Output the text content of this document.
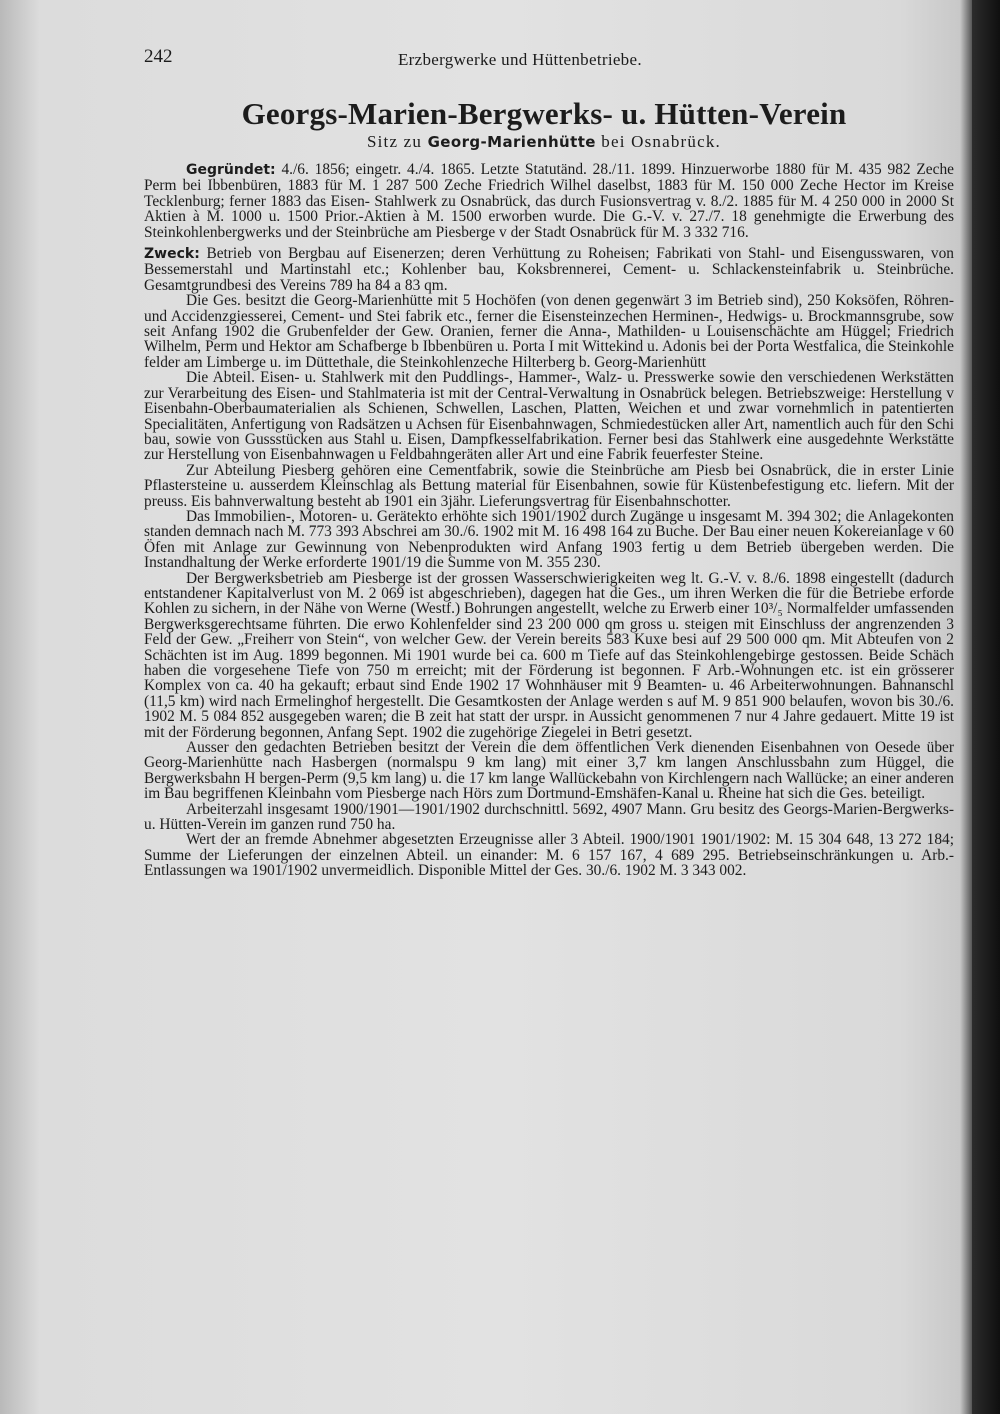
242	Erzbergwerke und Hüttenbetriebe.
Georgs-Marien-Bergwerks- u. Hütten-Verein
Sitz zu Georg-Marienhütte bei Osnabrück.

Gegründet: 4./6. 1856; eingetr. 4./4. 1865. Letzte Statutänd. 28./11. 1899. Hinzuerworbe 1880 für M. 435 982 Zeche Perm bei Ibbenbüren, 1883 für M. 1 287 500 Zeche Friedrich Wilhel daselbst, 1883 für M. 150 000 Zeche Hector im Kreise Tecklenburg; ferner 1883 das Eisen- Stahlwerk zu Osnabrück, das durch Fusionsvertrag v. 8./2. 1885 für M. 4 250 000 in 2000 St Aktien à M. 1000 u. 1500 Prior.-Aktien à M. 1500 erworben wurde. Die G.-V. v. 27./7. 18 genehmigte die Erwerbung des Steinkohlenbergwerks und der Steinbrüche am Piesberge v der Stadt Osnabrück für M. 3 332 716.

Zweck: Betrieb von Bergbau auf Eisenerzen; deren Verhüttung zu Roheisen; Fabrikati von Stahl- und Eisengusswaren, von Bessemerstahl und Martinstahl etc.; Kohlenber bau, Koksbrennerei, Cement- u. Schlackensteinfabrik u. Steinbrüche. Gesamtgrundbesi des Vereins 789 ha 84 a 83 qm.

Die Ges. besitzt die Georg-Marienhütte mit 5 Hochöfen (von denen gegenwärt 3 im Betrieb sind), 250 Koksöfen, Röhren- und Accidenzgiesserei, Cement- und Stei fabrik etc., ferner die Eisensteinzechen Herminen-, Hedwigs- u. Brockmannsgrube, sow seit Anfang 1902 die Grubenfelder der Gew. Oranien, ferner die Anna-, Mathilden- u Louisenschächte am Hüggel; Friedrich Wilhelm, Perm und Hektor am Schafberge b Ibbenbüren u. Porta I mit Wittekind u. Adonis bei der Porta Westfalica, die Steinkohle felder am Limberge u. im Düttethale, die Steinkohlenzeche Hilterberg b. Georg-Marienhütt

Die Abteil. Eisen- u. Stahlwerk mit den Puddlings-, Hammer-, Walz- u. Presswerke sowie den verschiedenen Werkstätten zur Verarbeitung des Eisen- und Stahlmateria ist mit der Central-Verwaltung in Osnabrück belegen. Betriebszweige: Herstellung v Eisenbahn-Oberbaumaterialien als Schienen, Schwellen, Laschen, Platten, Weichen et und zwar vornehmlich in patentierten Specialitäten, Anfertigung von Radsätzen u Achsen für Eisenbahnwagen, Schmiedestücken aller Art, namentlich auch für den Schi bau, sowie von Gussstücken aus Stahl u. Eisen, Dampfkesselfabrikation. Ferner besi das Stahlwerk eine ausgedehnte Werkstätte zur Herstellung von Eisenbahnwagen u Feldbahngeräten aller Art und eine Fabrik feuerfester Steine.

Zur Abteilung Piesberg gehören eine Cementfabrik, sowie die Steinbrüche am Piesb bei Osnabrück, die in erster Linie Pflastersteine u. ausserdem Kleinschlag als Bettung material für Eisenbahnen, sowie für Küstenbefestigung etc. liefern. Mit der preuss. Eis bahnverwaltung besteht ab 1901 ein 3jähr. Lieferungsvertrag für Eisenbahnschotter.

Das Immobilien-, Motoren- u. Gerätekto erhöhte sich 1901/1902 durch Zugänge u insgesamt M. 394 302; die Anlagekonten standen demnach nach M. 773 393 Abschrei am 30./6. 1902 mit M. 16 498 164 zu Buche. Der Bau einer neuen Kokereianlage v 60 Öfen mit Anlage zur Gewinnung von Nebenprodukten wird Anfang 1903 fertig u dem Betrieb übergeben werden. Die Instandhaltung der Werke erforderte 1901/19 die Summe von M. 355 230.

Der Bergwerksbetrieb am Piesberge ist der grossen Wasserschwierigkeiten weg lt. G.-V. v. 8./6. 1898 eingestellt (dadurch entstandener Kapitalverlust von M. 2 069 ist abgeschrieben), dagegen hat die Ges., um ihren Werken die für die Betriebe erforde Kohlen zu sichern, in der Nähe von Werne (Westf.) Bohrungen angestellt, welche zu Erwerb einer 10³/₅ Normalfelder umfassenden Bergwerksgerechtsame führten. Die erwo Kohlenfelder sind 23 200 000 qm gross u. steigen mit Einschluss der angrenzenden 3 Feld der Gew. „Freiherr von Stein“, von welcher Gew. der Verein bereits 583 Kuxe besi auf 29 500 000 qm. Mit Abteufen von 2 Schächten ist im Aug. 1899 begonnen. Mi 1901 wurde bei ca. 600 m Tiefe auf das Steinkohlengebirge gestossen. Beide Schäch haben die vorgesehene Tiefe von 750 m erreicht; mit der Förderung ist begonnen. F Arb.-Wohnungen etc. ist ein grösserer Komplex von ca. 40 ha gekauft; erbaut sind Ende 1902 17 Wohnhäuser mit 9 Beamten- u. 46 Arbeiterwohnungen. Bahnanschl (11,5 km) wird nach Ermelinghof hergestellt. Die Gesamtkosten der Anlage werden s auf M. 9 851 900 belaufen, wovon bis 30./6. 1902 M. 5 084 852 ausgegeben waren; die B zeit hat statt der urspr. in Aussicht genommenen 7 nur 4 Jahre gedauert. Mitte 19 ist mit der Förderung begonnen, Anfang Sept. 1902 die zugehörige Ziegelei in Betri gesetzt.

Ausser den gedachten Betrieben besitzt der Verein die dem öffentlichen Verk dienenden Eisenbahnen von Oesede über Georg-Marienhütte nach Hasbergen (normalspu 9 km lang) mit einer 3,7 km langen Anschlussbahn zum Hüggel, die Bergwerksbahn H bergen-Perm (9,5 km lang) u. die 17 km lange Wallückebahn von Kirchlengern nach Wallücke; an einer anderen im Bau begriffenen Kleinbahn vom Piesberge nach Hörs zum Dortmund-Emshäfen-Kanal u. Rheine hat sich die Ges. beteiligt.

Arbeiterzahl insgesamt 1900/1901—1901/1902 durchschnittl. 5692, 4907 Mann. Gru besitz des Georgs-Marien-Bergwerks- u. Hütten-Verein im ganzen rund 750 ha.

Wert der an fremde Abnehmer abgesetzten Erzeugnisse aller 3 Abteil. 1900/1901 1901/1902: M. 15 304 648, 13 272 184; Summe der Lieferungen der einzelnen Abteil. un einander: M. 6 157 167, 4 689 295. Betriebseinschränkungen u. Arb.-Entlassungen wa 1901/1902 unvermeidlich. Disponible Mittel der Ges. 30./6. 1902 M. 3 343 002.
